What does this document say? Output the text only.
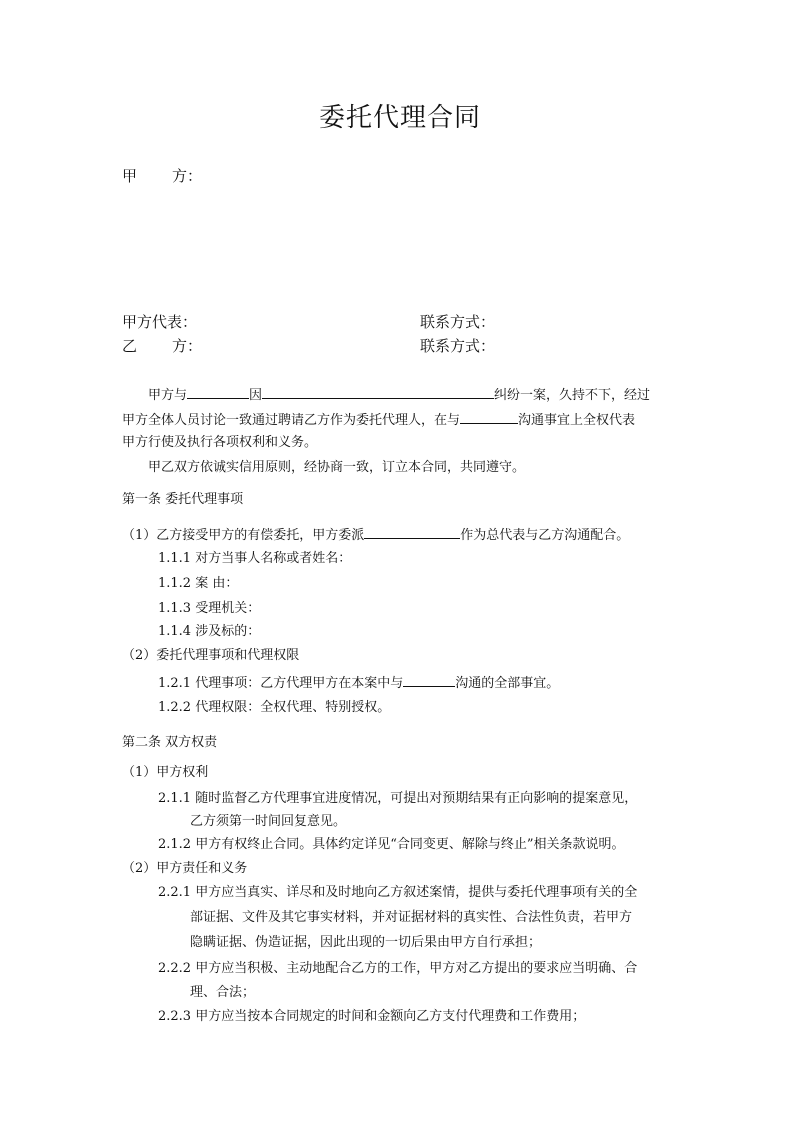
委托代理合同
甲 方：
甲方代表：	联系方式：
乙 方：	联系方式：
甲方与	因	纠纷一案，久持不下，经过
甲方全体人员讨论一致通过聘请乙方作为委托代理人，在与	沟通事宜上全权代表
甲方行使及执行各项权利和义务。
甲乙双方依诚实信用原则，经协商一致，订立本合同，共同遵守。
第一条 委托代理事项
（1）乙方接受甲方的有偿委托，甲方委派	作为总代表与乙方沟通配合。
1.1.1 对方当事人名称或者姓名：
1.1.2 案 由：
1.1.3 受理机关：
1.1.4 涉及标的：
（2）委托代理事项和代理权限
1.2.1 代理事项：乙方代理甲方在本案中与	沟通的全部事宜。
1.2.2 代理权限：全权代理、特别授权。
第二条 双方权责
（1）甲方权利
2.1.1 随时监督乙方代理事宜进度情况，可提出对预期结果有正向影响的提案意见，
乙方须第一时间回复意见。
2.1.2 甲方有权终止合同。具体约定详见“合同变更、解除与终止”相关条款说明。
（2）甲方责任和义务
2.2.1 甲方应当真实、详尽和及时地向乙方叙述案情，提供与委托代理事项有关的全
部证据、文件及其它事实材料，并对证据材料的真实性、合法性负责，若甲方
隐瞒证据、伪造证据，因此出现的一切后果由甲方自行承担；
2.2.2 甲方应当积极、主动地配合乙方的工作，甲方对乙方提出的要求应当明确、合
理、合法；
2.2.3 甲方应当按本合同规定的时间和金额向乙方支付代理费和工作费用；
